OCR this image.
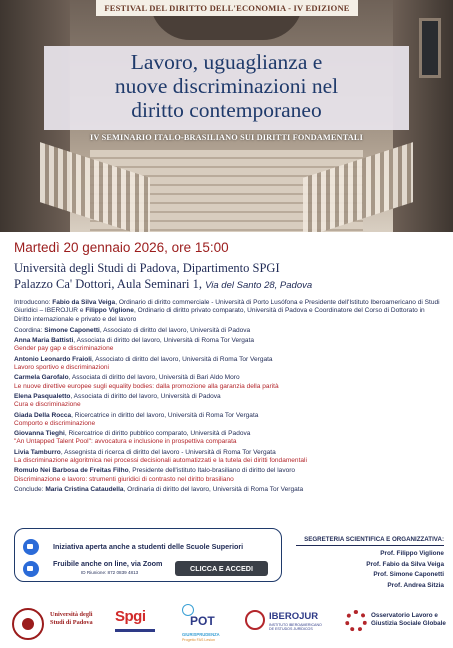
FESTIVAL DEL DIRITTO DELL'ECONOMIA - IV EDIZIONE
Lavoro, uguaglianza e
nuove discriminazioni nel
diritto contemporaneo
IV SEMINARIO ITALO-BRASILIANO SUI DIRITTI FONDAMENTALI
Martedì 20 gennaio 2026, ore 15:00
Università degli Studi di Padova, Dipartimento SPGI
Palazzo Ca' Dottori, Aula Seminari 1, Via del Santo 28, Padova

Introducono: Fabio da Silva Veiga, Ordinario di diritto commerciale - Università di Porto Lusófona e Presidente dell'Istituto Iberoamericano di Studi Giuridici – IBEROJUR e Filippo Viglione, Ordinario di diritto privato comparato, Università di Padova e Coordinatore del Corso di Dottorato in Diritto internazionale e privato e del lavoro

Coordina: Simone Caponetti, Associato di diritto del lavoro, Università di Padova

Anna Maria Battisti, Associata di diritto del lavoro, Università di Roma Tor Vergata

Gender pay gap e discriminazione

Antonio Leonardo Fraioli, Associato di diritto del lavoro, Università di Roma Tor Vergata

Lavoro sportivo e discriminazioni

Carmela Garofalo, Associata di diritto del lavoro, Università di Bari Aldo Moro

Le nuove direttive europee sugli equality bodies: dalla promozione alla garanzia della parità

Elena Pasqualetto, Associata di diritto del lavoro, Università di Padova

Cura e discriminazione

Giada Della Rocca, Ricercatrice in diritto del lavoro, Università di Roma Tor Vergata

Comporto e discriminazione

Giovanna Tieghi, Ricercatrice di diritto pubblico comparato, Università di Padova

"An Untapped Talent Pool": avvocatura e inclusione in prospettiva comparata

Livia Tamburro, Assegnista di ricerca di diritto del lavoro - Università di Roma Tor Vergata

La discriminazione algoritmica nei processi decisionali automatizzati e la tutela dei diritti fondamentali

Romulo Nei Barbosa de Freitas Filho, Presidente dell'istituto Italo-brasiliano di diritto del lavoro

Discriminazione e lavoro: strumenti giuridici di contrasto nel diritto brasiliano

Conclude: Maria Cristina Cataudella, Ordinaria di diritto del lavoro, Università di Roma Tor Vergata

Iniziativa aperta anche a studenti delle Scuole Superiori
Fruibile anche on line, via Zoom
ID Riunione: 872 0839 4813	CLICCA E ACCEDI
SEGRETERIA SCIENTIFICA E ORGANIZZATIVA:
Prof. Filippo Viglione
Prof. Fabio da Silva Veiga
Prof. Simone Caponetti
Prof. Andrea Sitzia
Università degli Studi di Padova	Spgi	POT
GIURISPRUDENZA
Progetto FAS Lesion
IBEROJUR
INSTITUTO IBEROAMERICANO DE ESTUDOS JURÍDICOS
Osservatorio Lavoro e Giustizia Sociale Globale
